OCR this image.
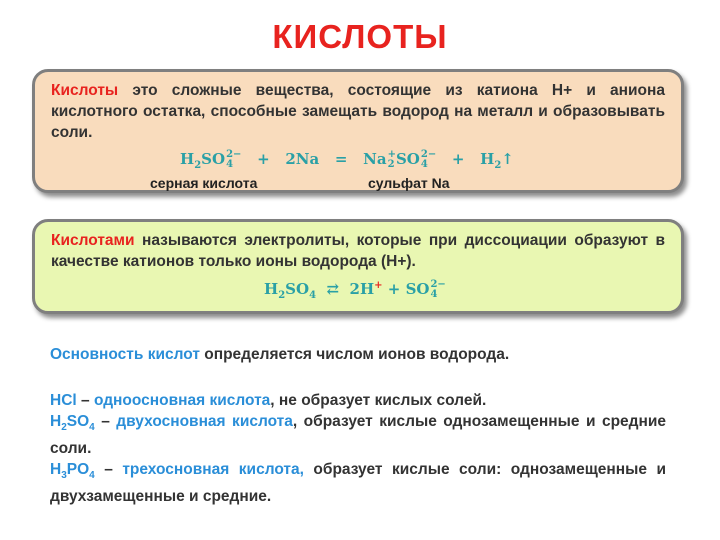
КИСЛОТЫ

Кислоты это сложные вещества, состоящие из катиона H+ и аниона кислотного остатка, способные замещать водород на металл и образовывать соли.

$H_2SO$ 2−
4	+ 2Na = Na +
2 SO 2−
4	+ $H_2↑$
серная кислота	сульфат Na

Кислотами называются электролиты, которые при диссоциации образуют в качестве катионов только ионы водорода (H+).

$H_2SO_4$ ⇄ 2H+ + SO 2−
4

Основность кислот определяется числом ионов водорода.

HCl – одноосновная кислота, не образует кислых солей.

$H_2SO_4$ – двухосновная кислота, образует кислые однозамещенные и средние соли.

$H_3PO_4$ – трехосновная кислота, образует кислые соли: однозамещенные и двухзамещенные и средние.
